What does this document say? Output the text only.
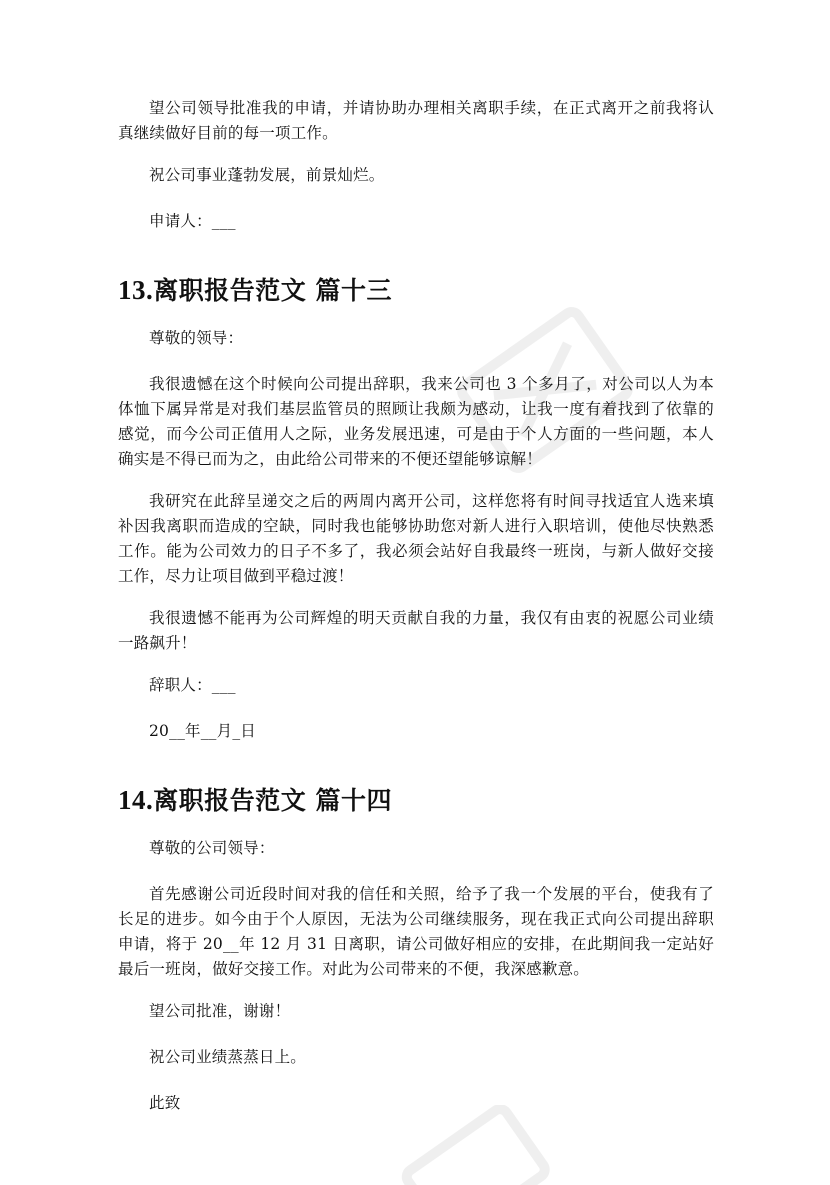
望公司领导批准我的申请，并请协助办理相关离职手续，在正式离开之前我将认真继续做好目前的每一项工作。

祝公司事业蓬勃发展，前景灿烂。

申请人：___

13.离职报告范文 篇十三

尊敬的领导：

我很遗憾在这个时候向公司提出辞职，我来公司也 3 个多月了，对公司以人为本体恤下属异常是对我们基层监管员的照顾让我颇为感动，让我一度有着找到了依靠的感觉，而今公司正值用人之际，业务发展迅速，可是由于个人方面的一些问题，本人确实是不得已而为之，由此给公司带来的不便还望能够谅解！

我研究在此辞呈递交之后的两周内离开公司，这样您将有时间寻找适宜人选来填补因我离职而造成的空缺，同时我也能够协助您对新人进行入职培训，使他尽快熟悉工作。能为公司效力的日子不多了，我必须会站好自我最终一班岗，与新人做好交接工作，尽力让项目做到平稳过渡！

我很遗憾不能再为公司辉煌的明天贡献自我的力量，我仅有由衷的祝愿公司业绩一路飙升！

辞职人：___

20__年__月_日

14.离职报告范文 篇十四

尊敬的公司领导：

首先感谢公司近段时间对我的信任和关照，给予了我一个发展的平台，使我有了长足的进步。如今由于个人原因，无法为公司继续服务，现在我正式向公司提出辞职申请，将于 20__年 12 月 31 日离职，请公司做好相应的安排，在此期间我一定站好最后一班岗，做好交接工作。对此为公司带来的不便，我深感歉意。

望公司批准，谢谢！

祝公司业绩蒸蒸日上。

此致
